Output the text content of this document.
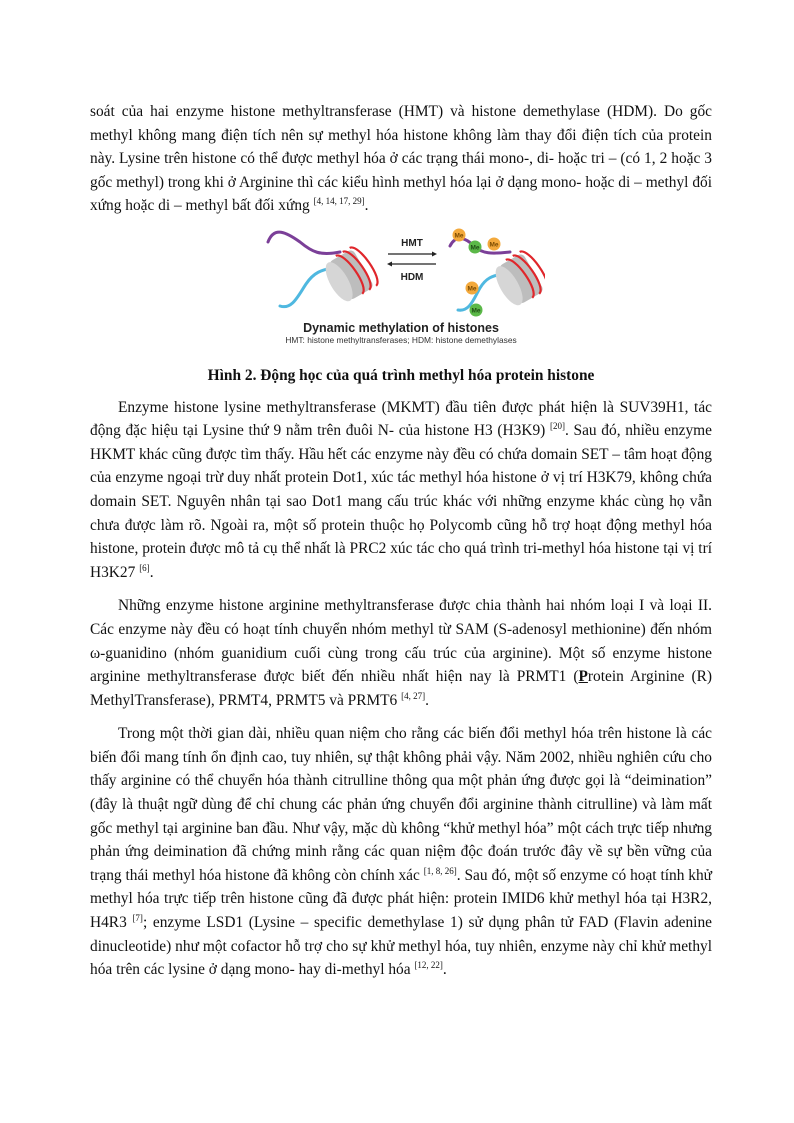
soát của hai enzyme histone methyltransferase (HMT) và histone demethylase (HDM). Do gốc methyl không mang điện tích nên sự methyl hóa histone không làm thay đổi điện tích của protein này. Lysine trên histone có thể được methyl hóa ở các trạng thái mono-, di- hoặc tri – (có 1, 2 hoặc 3 gốc methyl) trong khi ở Arginine thì các kiểu hình methyl hóa lại ở dạng mono- hoặc di – methyl đối xứng hoặc di – methyl bất đối xứng [4, 14, 17, 29].

HMT
HDM
Me
Me Me
Me
Me
Dynamic methylation of histones
HMT: histone methyltransferases; HDM: histone demethylases

Hình 2. Động học của quá trình methyl hóa protein histone

Enzyme histone lysine methyltransferase (MKMT) đầu tiên được phát hiện là SUV39H1, tác động đặc hiệu tại Lysine thứ 9 nằm trên đuôi N- của histone H3 (H3K9) [20]. Sau đó, nhiều enzyme HKMT khác cũng được tìm thấy. Hầu hết các enzyme này đều có chứa domain SET – tâm hoạt động của enzyme ngoại trừ duy nhất protein Dot1, xúc tác methyl hóa histone ở vị trí H3K79, không chứa domain SET. Nguyên nhân tại sao Dot1 mang cấu trúc khác với những enzyme khác cùng họ vẫn chưa được làm rõ. Ngoài ra, một số protein thuộc họ Polycomb cũng hỗ trợ hoạt động methyl hóa histone, protein được mô tả cụ thể nhất là PRC2 xúc tác cho quá trình tri-methyl hóa histone tại vị trí H3K27 [6].

Những enzyme histone arginine methyltransferase được chia thành hai nhóm loại I và loại II. Các enzyme này đều có hoạt tính chuyển nhóm methyl từ SAM (S-adenosyl methionine) đến nhóm ω-guanidino (nhóm guanidium cuối cùng trong cấu trúc của arginine). Một số enzyme histone arginine methyltransferase được biết đến nhiều nhất hiện nay là PRMT1 (Protein Arginine (R) MethylTransferase), PRMT4, PRMT5 và PRMT6 [4, 27].

Trong một thời gian dài, nhiều quan niệm cho rằng các biến đổi methyl hóa trên histone là các biến đổi mang tính ổn định cao, tuy nhiên, sự thật không phải vậy. Năm 2002, nhiều nghiên cứu cho thấy arginine có thể chuyển hóa thành citrulline thông qua một phản ứng được gọi là “deimination” (đây là thuật ngữ dùng để chỉ chung các phản ứng chuyển đổi arginine thành citrulline) và làm mất gốc methyl tại arginine ban đầu. Như vậy, mặc dù không “khử methyl hóa” một cách trực tiếp nhưng phản ứng deimination đã chứng minh rằng các quan niệm độc đoán trước đây về sự bền vững của trạng thái methyl hóa histone đã không còn chính xác [1, 8, 26]. Sau đó, một số enzyme có hoạt tính khử methyl hóa trực tiếp trên histone cũng đã được phát hiện: protein IMID6 khử methyl hóa tại H3R2, H4R3 [7]; enzyme LSD1 (Lysine – specific demethylase 1) sử dụng phân tử FAD (Flavin adenine dinucleotide) như một cofactor hỗ trợ cho sự khử methyl hóa, tuy nhiên, enzyme này chỉ khử methyl hóa trên các lysine ở dạng mono- hay di-methyl hóa [12, 22].
